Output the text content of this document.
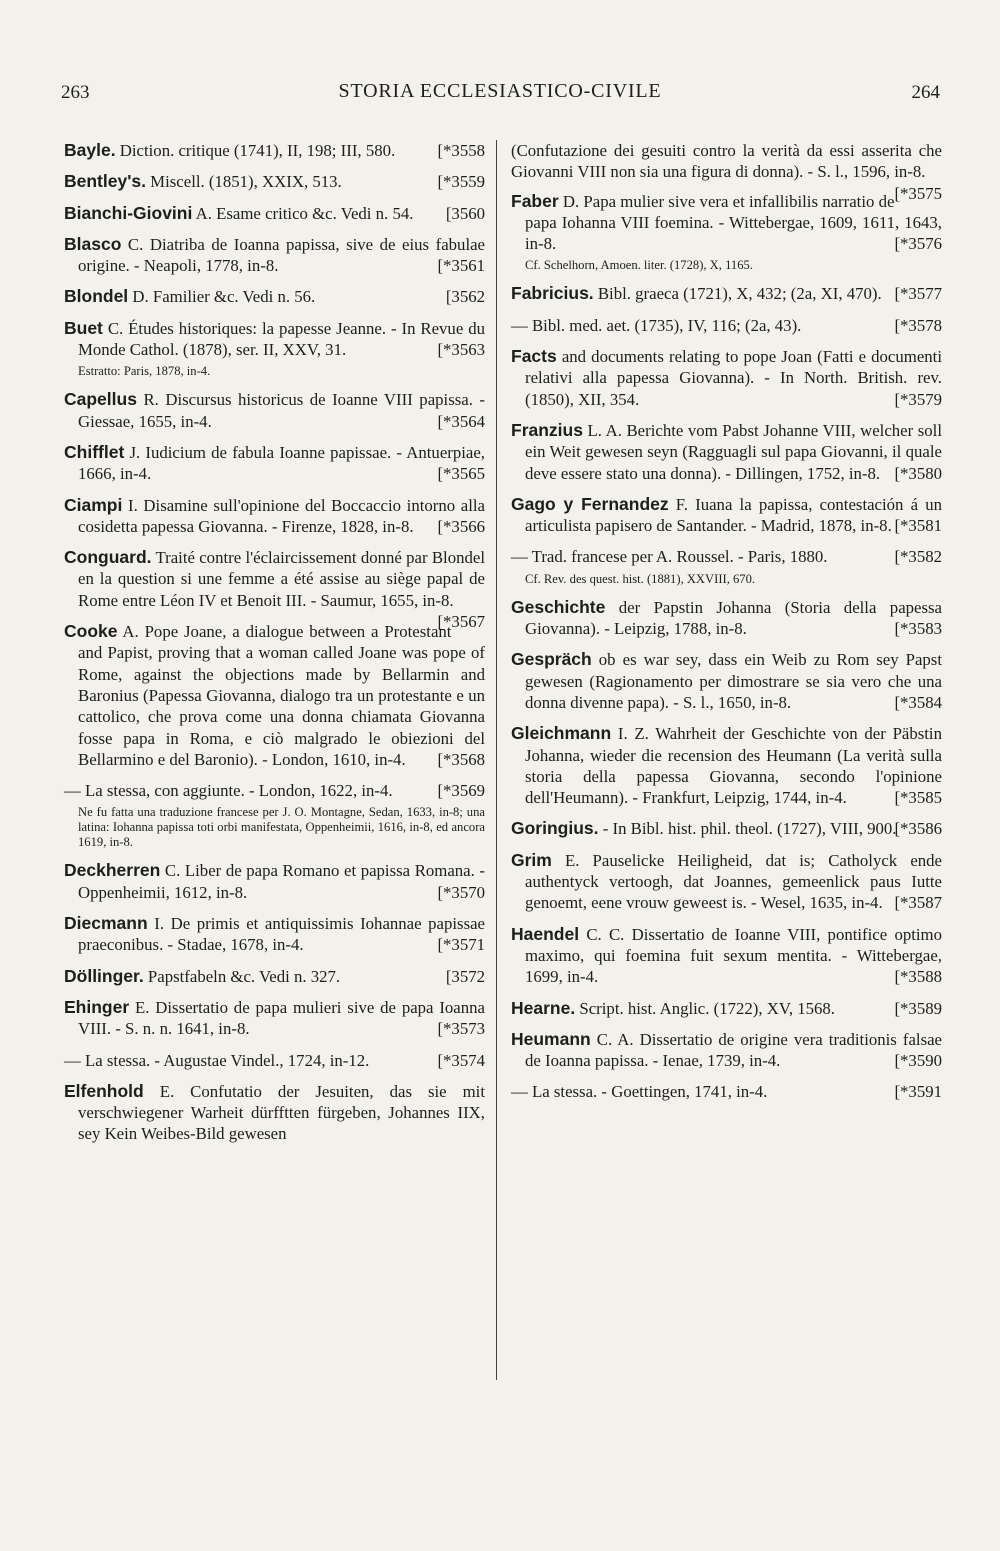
263	STORIA ECCLESIASTICO-CIVILE	264

Bayle. Diction. critique (1741), II, 198; III, 580.	[*3558

Bentley's. Miscell. (1851), XXIX, 513.	[*3559

Bianchi-Giovini A. Esame critico &c. Vedi n. 54. [3560

Blasco C. Diatriba de Ioanna papissa, sive de eius fabulae origine. - Neapoli, 1778, in-8.	[*3561

Blondel D. Familier &c. Vedi n. 56.	[3562

Buet C. Études historiques: la papesse Jeanne. - In Revue du Monde Cathol. (1878), ser. II, XXV, 31.	[*3563

Estratto: Paris, 1878, in-4.

Capellus R. Discursus historicus de Ioanne VIII papissa. - Giessae, 1655, in-4.	[*3564

Chifflet J. Iudicium de fabula Ioanne papissae. - Antuerpiae, 1666, in-4.	[*3565

Ciampi I. Disamine sull'opinione del Boccaccio intorno alla cosidetta papessa Giovanna. - Firenze, 1828, in-8. [*3566

Conguard. Traité contre l'éclaircissement donné par Blondel en la question si une femme a été assise au siège papal de Rome entre Léon IV et Benoit III. - Saumur, 1655, in-8.
[*3567

Cooke A. Pope Joane, a dialogue between a Protestant and Papist, proving that a woman called Joane was pope of Rome, against the objections made by Bellarmin and Baronius (Papessa Giovanna, dialogo tra un protestante e un cattolico, che prova come una donna chiamata Giovanna fosse papa in Roma, e ciò malgrado le obiezioni del Bellarmino e del Baronio). - London, 1610, in-4. [*3568

— La stessa, con aggiunte. - London, 1622, in-4.	[*3569

Ne fu fatta una traduzione francese per J. O. Montagne, Sedan, 1633, in-8; una latina: Iohanna papissa toti orbi manifestata, Oppenheimii, 1616, in-8, ed ancora 1619, in-8.

Deckherren C. Liber de papa Romano et papissa Romana. - Oppenheimii, 1612, in-8.	[*3570

Diecmann I. De primis et antiquissimis Iohannae papissae praeconibus. - Stadae, 1678, in-4.	[*3571

Döllinger. Papstfabeln &c. Vedi n. 327.	[3572

Ehinger E. Dissertatio de papa mulieri sive de papa Ioanna VIII. - S. n. n. 1641, in-8.	[*3573

— La stessa. - Augustae Vindel., 1724, in-12.	[*3574

Elfenhold E. Confutatio der Jesuiten, das sie mit verschwiegener Warheit dürfftten fürgeben, Johannes IIX, sey Kein Weibes-Bild gewesen

(Confutazione dei gesuiti contro la verità da essi asserita che Giovanni VIII non sia una figura di donna). - S. l., 1596, in-8.
[*3575

Faber D. Papa mulier sive vera et infallibilis narratio de papa Iohanna VIII foemina. - Wittebergae, 1609, 1611, 1643, in-8.	[*3576

Cf. Schelhorn, Amoen. liter. (1728), X, 1165.

Fabricius. Bibl. graeca (1721), X, 432; (2a, XI, 470). [*3577

— Bibl. med. aet. (1735), IV, 116; (2a, 43).	[*3578

Facts and documents relating to pope Joan (Fatti e documenti relativi alla papessa Giovanna). - In North. British. rev. (1850), XII, 354.	[*3579

Franzius L. A. Berichte vom Pabst Johanne VIII, welcher soll ein Weit gewesen seyn (Ragguagli sul papa Giovanni, il quale deve essere stato una donna). - Dillingen, 1752, in-8. [*3580

Gago y Fernandez F. Iuana la papissa, contestación á un articulista papisero de Santander. - Madrid, 1878, in-8. [*3581

— Trad. francese per A. Roussel. - Paris, 1880.	[*3582

Cf. Rev. des quest. hist. (1881), XXVIII, 670.

Geschichte der Papstin Johanna (Storia della papessa Giovanna). - Leipzig, 1788, in-8.	[*3583

Gespräch ob es war sey, dass ein Weib zu Rom sey Papst gewesen (Ragionamento per dimostrare se sia vero che una donna divenne papa). - S. l., 1650, in-8.	[*3584

Gleichmann I. Z. Wahrheit der Geschichte von der Päbstin Johanna, wieder die recension des Heumann (La verità sulla storia della papessa Giovanna, secondo l'opinione dell'Heumann). - Frankfurt, Leipzig, 1744, in-4.	[*3585

Goringius. - In Bibl. hist. phil. theol. (1727), VIII, 900.
[*3586

Grim E. Pauselicke Heiligheid, dat is; Catholyck ende authentyck vertoogh, dat Joannes, gemeenlick paus Iutte genoemt, eene vrouw geweest is. - Wesel, 1635, in-4. [*3587

Haendel C. C. Dissertatio de Ioanne VIII, pontifice optimo maximo, qui foemina fuit sexum mentita. - Wittebergae, 1699, in-4.	[*3588

Hearne. Script. hist. Anglic. (1722), XV, 1568.	[*3589

Heumann C. A. Dissertatio de origine vera traditionis falsae de Ioanna papissa. - Ienae, 1739, in-4.	[*3590

— La stessa. - Goettingen, 1741, in-4.	[*3591
